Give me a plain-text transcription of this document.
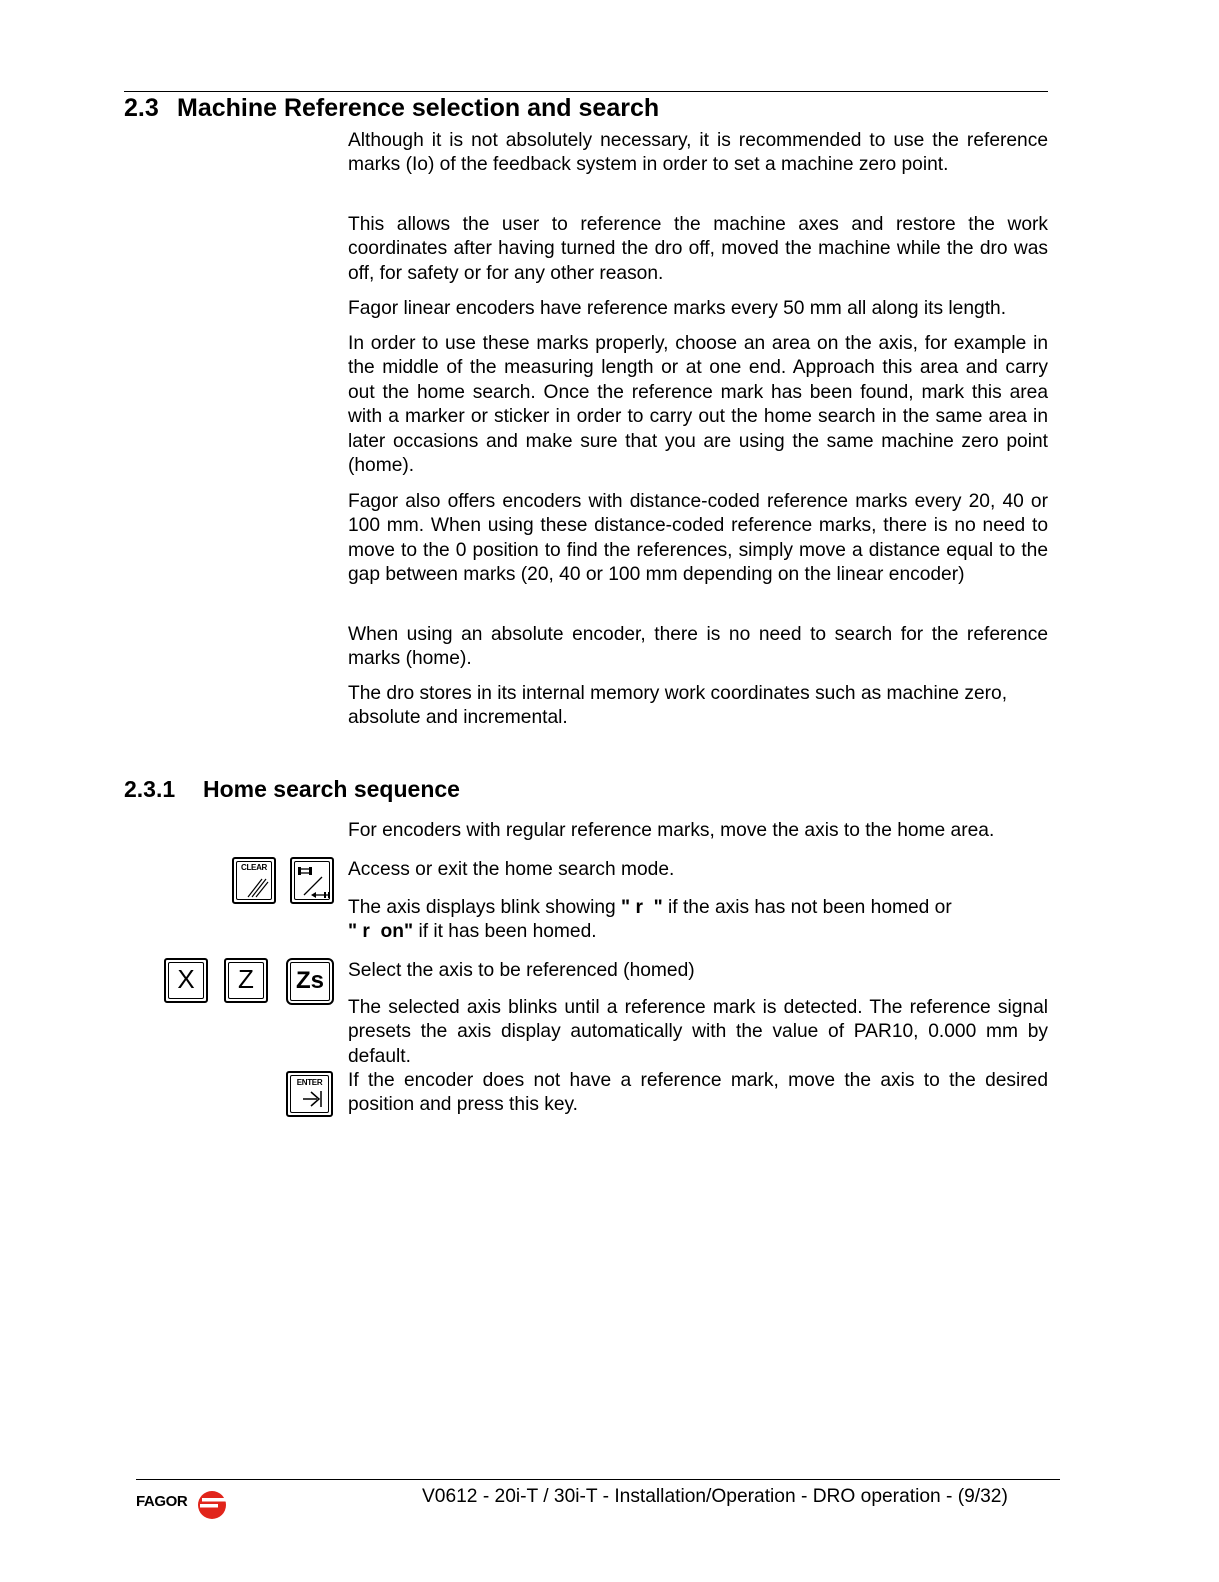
2.3 Machine Reference selection and search

Although it is not absolutely necessary, it is recommended to use the reference marks (Io) of the feedback system in order to set a machine zero point.

This allows the user to reference the machine axes and restore the work coordinates after having turned the dro off, moved the machine while the dro was off, for safety or for any other reason.

Fagor linear encoders have reference marks every 50 mm all along its length.

In order to use these marks properly, choose an area on the axis, for example in the middle of the measuring length or at one end. Approach this area and carry out the home search. Once the reference mark has been found, mark this area with a marker or sticker in order to carry out the home search in the same area in later occasions and make sure that you are using the same machine zero point (home).

Fagor also offers encoders with distance-coded reference marks every 20, 40 or 100 mm. When using these distance-coded reference marks, there is no need to move to the 0 position to find the references, simply move a distance equal to the gap between marks (20, 40 or 100 mm depending on the linear encoder)

When using an absolute encoder, there is no need to search for the reference marks (home).

The dro stores in its internal memory work coordinates such as machine zero, absolute and incremental.

2.3.1 Home search sequence

For encoders with regular reference marks, move the axis to the home area.

CLEAR	Access or exit the home search mode.

The axis displays blink showing " r  " if the axis has not been homed or
" r  on" if it has been homed.

X	Z	Zs	Select the axis to be referenced (homed)

The selected axis blinks until a reference mark is detected. The reference signal presets the axis display automatically with the value of PAR10, 0.000 mm by default.

ENTER	If the encoder does not have a reference mark, move the axis to the desired position and press this key.

FAGOR	V0612 - 20i-T / 30i-T - Installation/Operation - DRO operation - (9/32)
